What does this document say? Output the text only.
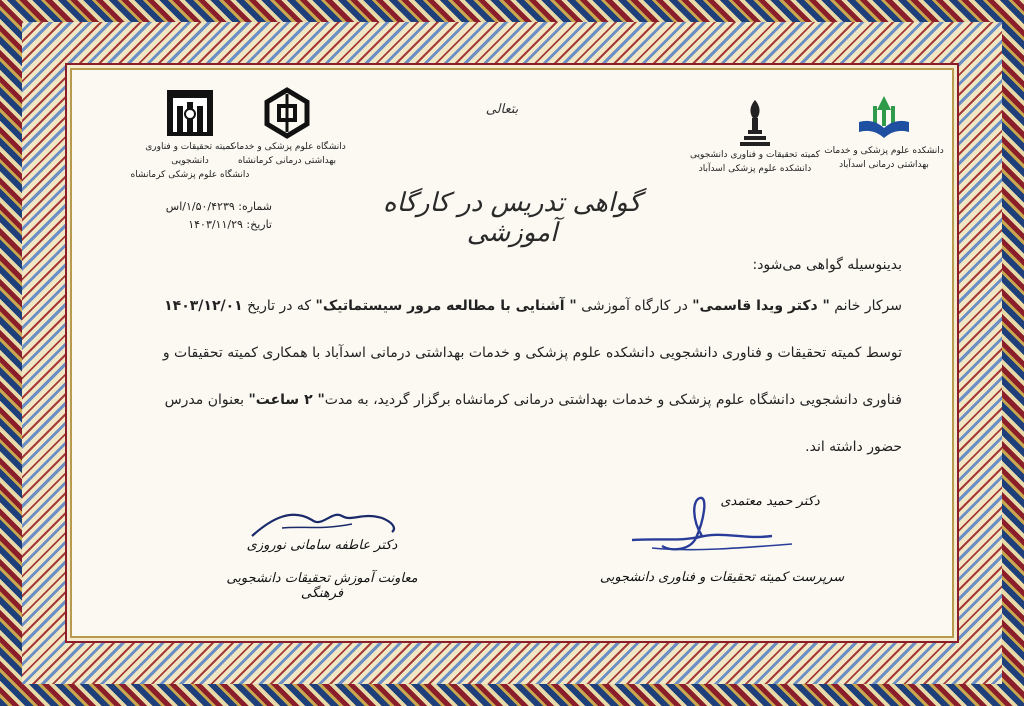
کمیته تحقیقات و فناوری دانشجویی
دانشگاه علوم پزشکی کرمانشاه
دانشگاه علوم پزشکی و خدمات
بهداشتی درمانی کرمانشاه
شماره: ۱/۵۰/۴۲۳۹/اس
تاریخ: ۱۴۰۳/۱۱/۲۹
بتعالی
گواهی تدریس در کارگاه آموزشی
کمیته تحقیقات و فناوری دانشجویی
دانشکده علوم پزشکی اسدآباد
دانشکده علوم پزشکی و خدمات
بهداشتی درمانی اسدآباد
بدینوسیله گواهی می‌شود:
سرکار خانم " دکتر ویدا قاسمی" در کارگاه آموزشی " آشنایی با مطالعه مرور سیستماتیک" که در تاریخ ۱۴۰۳/۱۲/۰۱
توسط کمیته تحقیقات و فناوری دانشجویی دانشکده علوم پزشکی و خدمات بهداشتی درمانی اسدآباد با همکاری کمیته تحقیقات و
فناوری دانشجویی دانشگاه علوم پزشکی و خدمات بهداشتی درمانی کرمانشاه برگزار گردید، به مدت" ۲ ساعت" بعنوان مدرس
حضور داشته اند.
دکتر عاطفه سامانی نوروزی
معاونت آموزش تحقیقات دانشجویی فرهنگی
دکتر حمید معتمدی
سرپرست کمیته تحقیقات و فناوری دانشجویی
